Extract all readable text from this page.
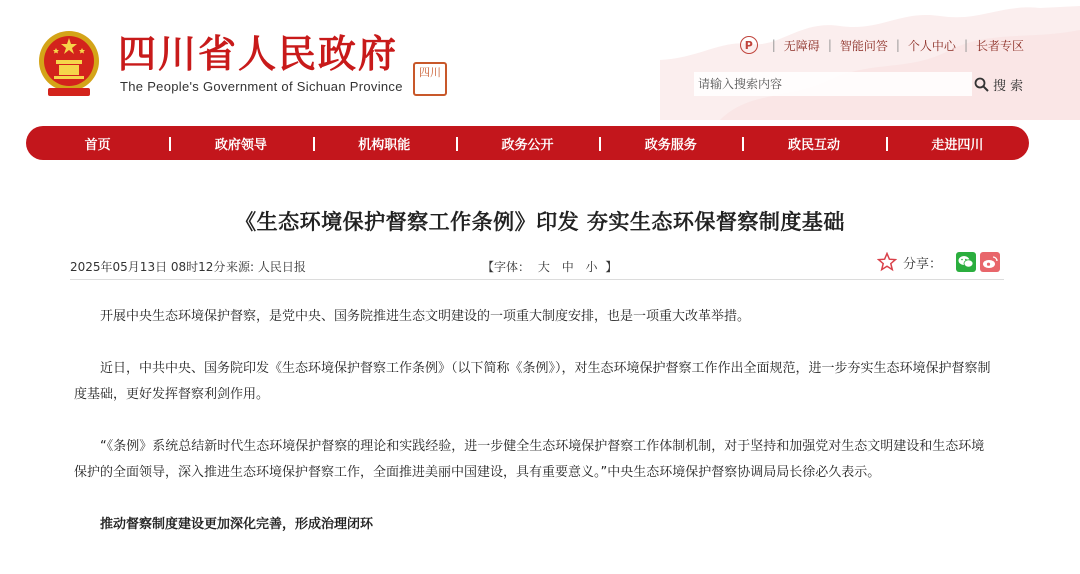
四川省人民政府
The People's Government of Sichuan Province
四川
P	| 无障碍 | 智能问答 | 个人中心 | 长者专区
请输入搜索内容
搜 索
首页	政府领导	机构职能	政务公开	政务服务	政民互动	走进四川
《生态环境保护督察工作条例》印发 夯实生态环保督察制度基础
2025年05月13日 08时12分 来源: 人民日报	【字体： 大 中 小 】	分享：

开展中央生态环境保护督察，是党中央、国务院推进生态文明建设的一项重大制度安排，也是一项重大改革举措。

近日，中共中央、国务院印发《生态环境保护督察工作条例》（以下简称《条例》），对生态环境保护督察工作作出全面规范，进一步夯实生态环境保护督察制度基础，更好发挥督察利剑作用。

“《条例》系统总结新时代生态环境保护督察的理论和实践经验，进一步健全生态环境保护督察工作体制机制，对于坚持和加强党对生态文明建设和生态环境保护的全面领导，深入推进生态环境保护督察工作，全面推进美丽中国建设，具有重要意义。”中央生态环境保护督察协调局局长徐必久表示。

推动督察制度建设更加深化完善，形成治理闭环
